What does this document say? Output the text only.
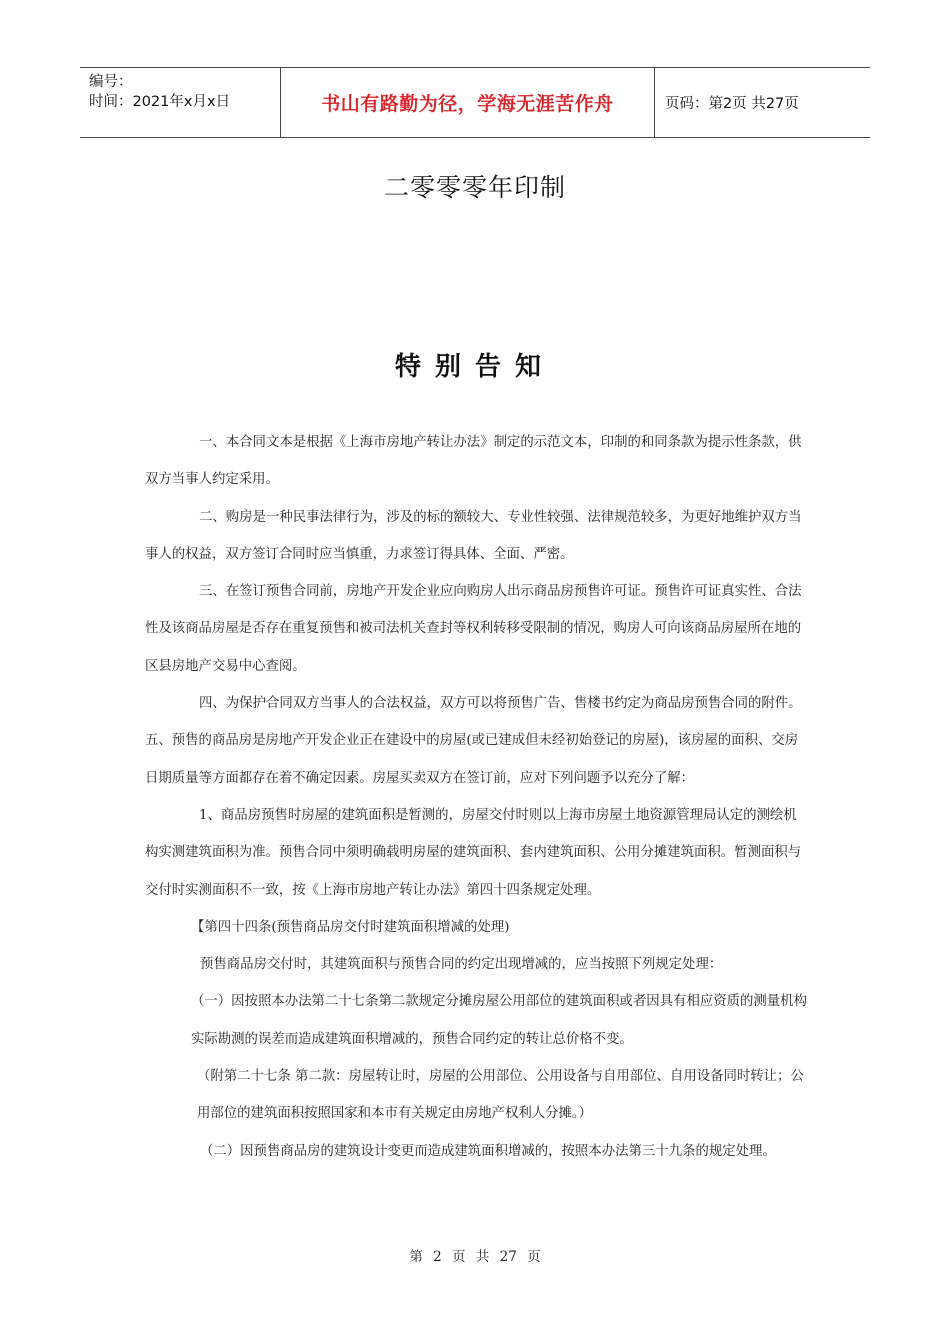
编号：
时间：2021年x月x日	书山有路勤为径，学海无涯苦作舟	页码：第2页 共27页
二零零零年印制
特别告知

一、本合同文本是根据《上海市房地产转让办法》制定的示范文本，印制的和同条款为提示性条款，供双方当事人约定采用。

二、购房是一种民事法律行为，涉及的标的额较大、专业性较强、法律规范较多，为更好地维护双方当事人的权益，双方签订合同时应当慎重，力求签订得具体、全面、严密。

三、在签订预售合同前，房地产开发企业应向购房人出示商品房预售许可证。预售许可证真实性、合法性及该商品房屋是否存在重复预售和被司法机关查封等权利转移受限制的情况，购房人可向该商品房屋所在地的区县房地产交易中心查阅。

四、为保护合同双方当事人的合法权益，双方可以将预售广告、售楼书约定为商品房预售合同的附件。

五、预售的商品房是房地产开发企业正在建设中的房屋(或已建成但未经初始登记的房屋)，该房屋的面积、交房日期质量等方面都存在着不确定因素。房屋买卖双方在签订前，应对下列问题予以充分了解：

1、商品房预售时房屋的建筑面积是暂测的，房屋交付时则以上海市房屋土地资源管理局认定的测绘机构实测建筑面积为准。预售合同中须明确载明房屋的建筑面积、套内建筑面积、公用分摊建筑面积。暂测面积与交付时实测面积不一致，按《上海市房地产转让办法》第四十四条规定处理。

【第四十四条(预售商品房交付时建筑面积增减的处理)

预售商品房交付时，其建筑面积与预售合同的约定出现增减的，应当按照下列规定处理：

（一）因按照本办法第二十七条第二款规定分摊房屋公用部位的建筑面积或者因具有相应资质的测量机构实际勘测的误差而造成建筑面积增减的，预售合同约定的转让总价格不变。

（附第二十七条 第二款：房屋转让时，房屋的公用部位、公用设备与自用部位、自用设备同时转让；公用部位的建筑面积按照国家和本市有关规定由房地产权利人分摊。）

（二）因预售商品房的建筑设计变更而造成建筑面积增减的，按照本办法第三十九条的规定处理。

第 2 页 共 27 页
